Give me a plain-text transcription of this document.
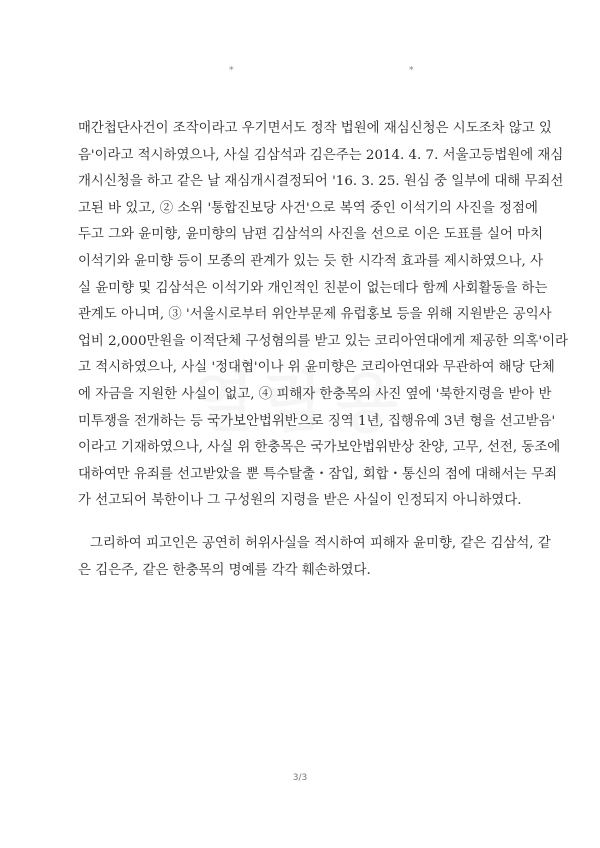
*	*
매간첩단사건이 조작이라고 우기면서도 정작 법원에 재심신청은 시도조차 않고 있
음'이라고 적시하였으나, 사실 김삼석과 김은주는 2014. 4. 7. 서울고등법원에 재심
개시신청을 하고 같은 날 재심개시결정되어 '16. 3. 25. 원심 중 일부에 대해 무죄선
고된 바 있고, ② 소위 '통합진보당 사건'으로 복역 중인 이석기의 사진을 정점에
두고 그와 윤미향, 윤미향의 남편 김삼석의 사진을 선으로 이은 도표를 실어 마치
이석기와 윤미향 등이 모종의 관계가 있는 듯 한 시각적 효과를 제시하였으나, 사
실 윤미향 및 김삼석은 이석기와 개인적인 친분이 없는데다 함께 사회활동을 하는
관계도 아니며, ③ '서울시로부터 위안부문제 유럽홍보 등을 위해 지원받은 공익사
업비 2,000만원을 이적단체 구성혐의를 받고 있는 코리아연대에게 제공한 의혹'이라
고 적시하였으나, 사실 '정대협'이나 위 윤미향은 코리아연대와 무관하여 해당 단체
에 자금을 지원한 사실이 없고, ④ 피해자 한충목의 사진 옆에 '북한지령을 받아 반
미투쟁을 전개하는 등 국가보안법위반으로 징역 1년, 집행유예 3년 형을 선고받음'
이라고 기재하였으나, 사실 위 한충목은 국가보안법위반상 찬양, 고무, 선전, 동조에
대하여만 유죄를 선고받았을 뿐 특수탈출・잠입, 회합・통신의 점에 대해서는 무죄
가 선고되어 북한이나 그 구성원의 지령을 받은 사실이 인정되지 아니하였다.
그리하여 피고인은 공연히 허위사실을 적시하여 피해자 윤미향, 같은 김삼석, 같
은 김은주, 같은 한충목의 명예를 각각 훼손하였다.
3/3
